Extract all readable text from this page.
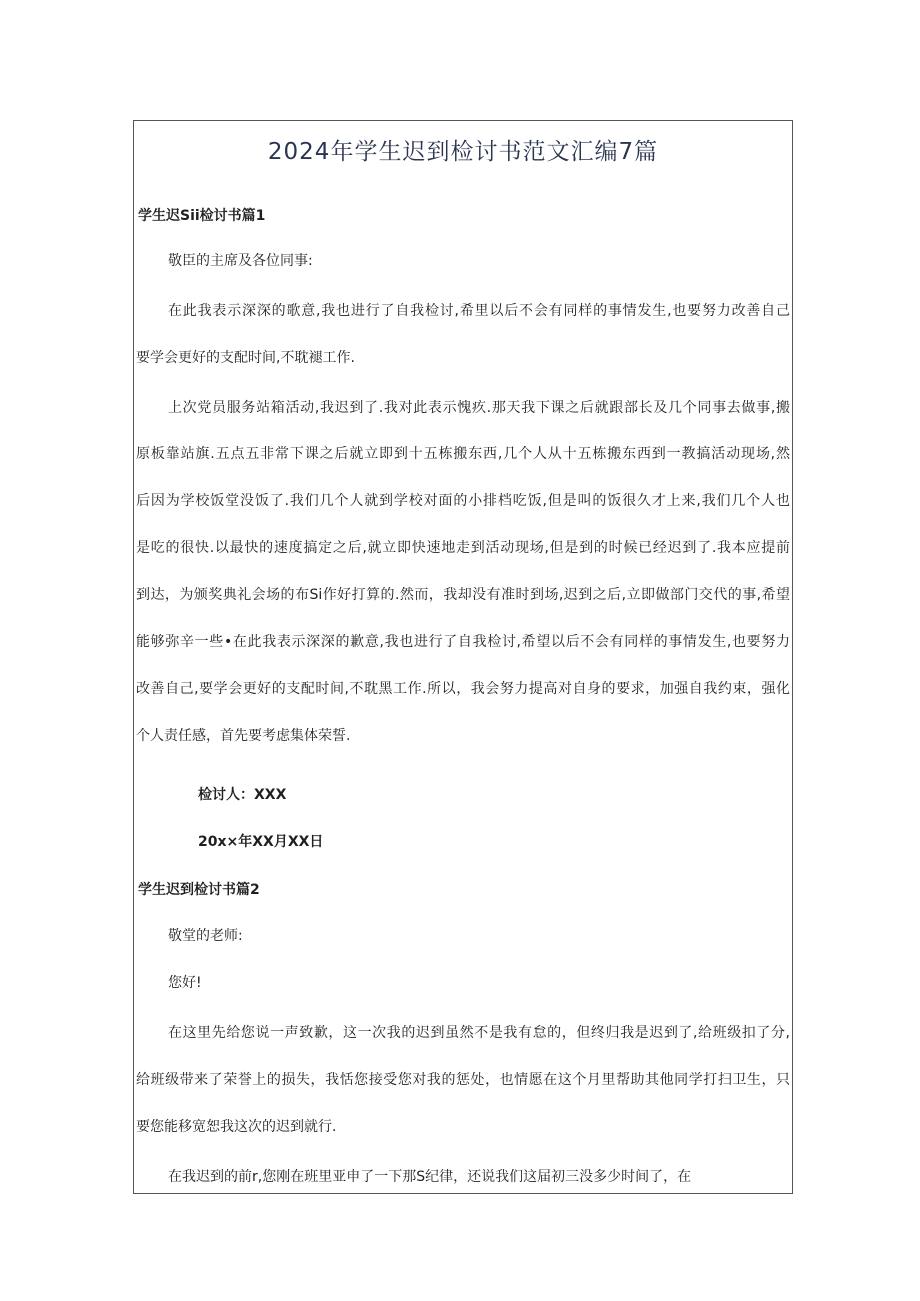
2024年学生迟到检讨书范文汇编7篇
学生迟Sii检讨书篇1
敬臣的主席及各位同事:
在此我表示深深的歌意,我也进行了自我检讨,希里以后不会有同样的事情发生,也要努力改善自己
要学会更好的支配时间,不耽褪工作.
上次党员服务站箱活动,我迟到了.我对此表示愧疚.那天我下课之后就跟部长及几个同事去做事,搬
原板靠站旗.五点五非常下课之后就立即到十五栋搬东西,几个人从十五栋搬东西到一教搞活动现场,然
后因为学校饭堂没饭了.我们几个人就到学校对面的小排档吃饭,但是叫的饭很久才上来,我们几个人也
是吃的很快.以最快的速度搞定之后,就立即快速地走到活动现场,但是到的时候已经迟到了.我本应提前
到达，为颁奖典礼会场的布Si作好打算的.然而，我却没有准时到场,迟到之后,立即做部门交代的事,希望
能够弥辛一些•在此我表示深深的歉意,我也进行了自我检讨,希望以后不会有同样的事情发生,也要努力
改善自己,要学会更好的支配时间,不耽黑工作.所以，我会努力提高对自身的要求，加强自我约束，强化
个人责任感，首先要考虑集体荣誓.
检讨人：XXX
20x×年XX月XX日
学生迟到检讨书篇2
敬堂的老师:
您好!
在这里先给您说一声致歉，这一次我的迟到虽然不是我有怠的，但终归我是迟到了,给班级扣了分,
给班级带来了荣誉上的损失，我恬您接受您对我的惩处，也情愿在这个月里帮助其他同学打扫卫生，只
要您能移宽恕我这次的迟到就行.
在我迟到的前r,您刚在班里亚申了一下那S纪律，还说我们这届初三没多少时间了，在
